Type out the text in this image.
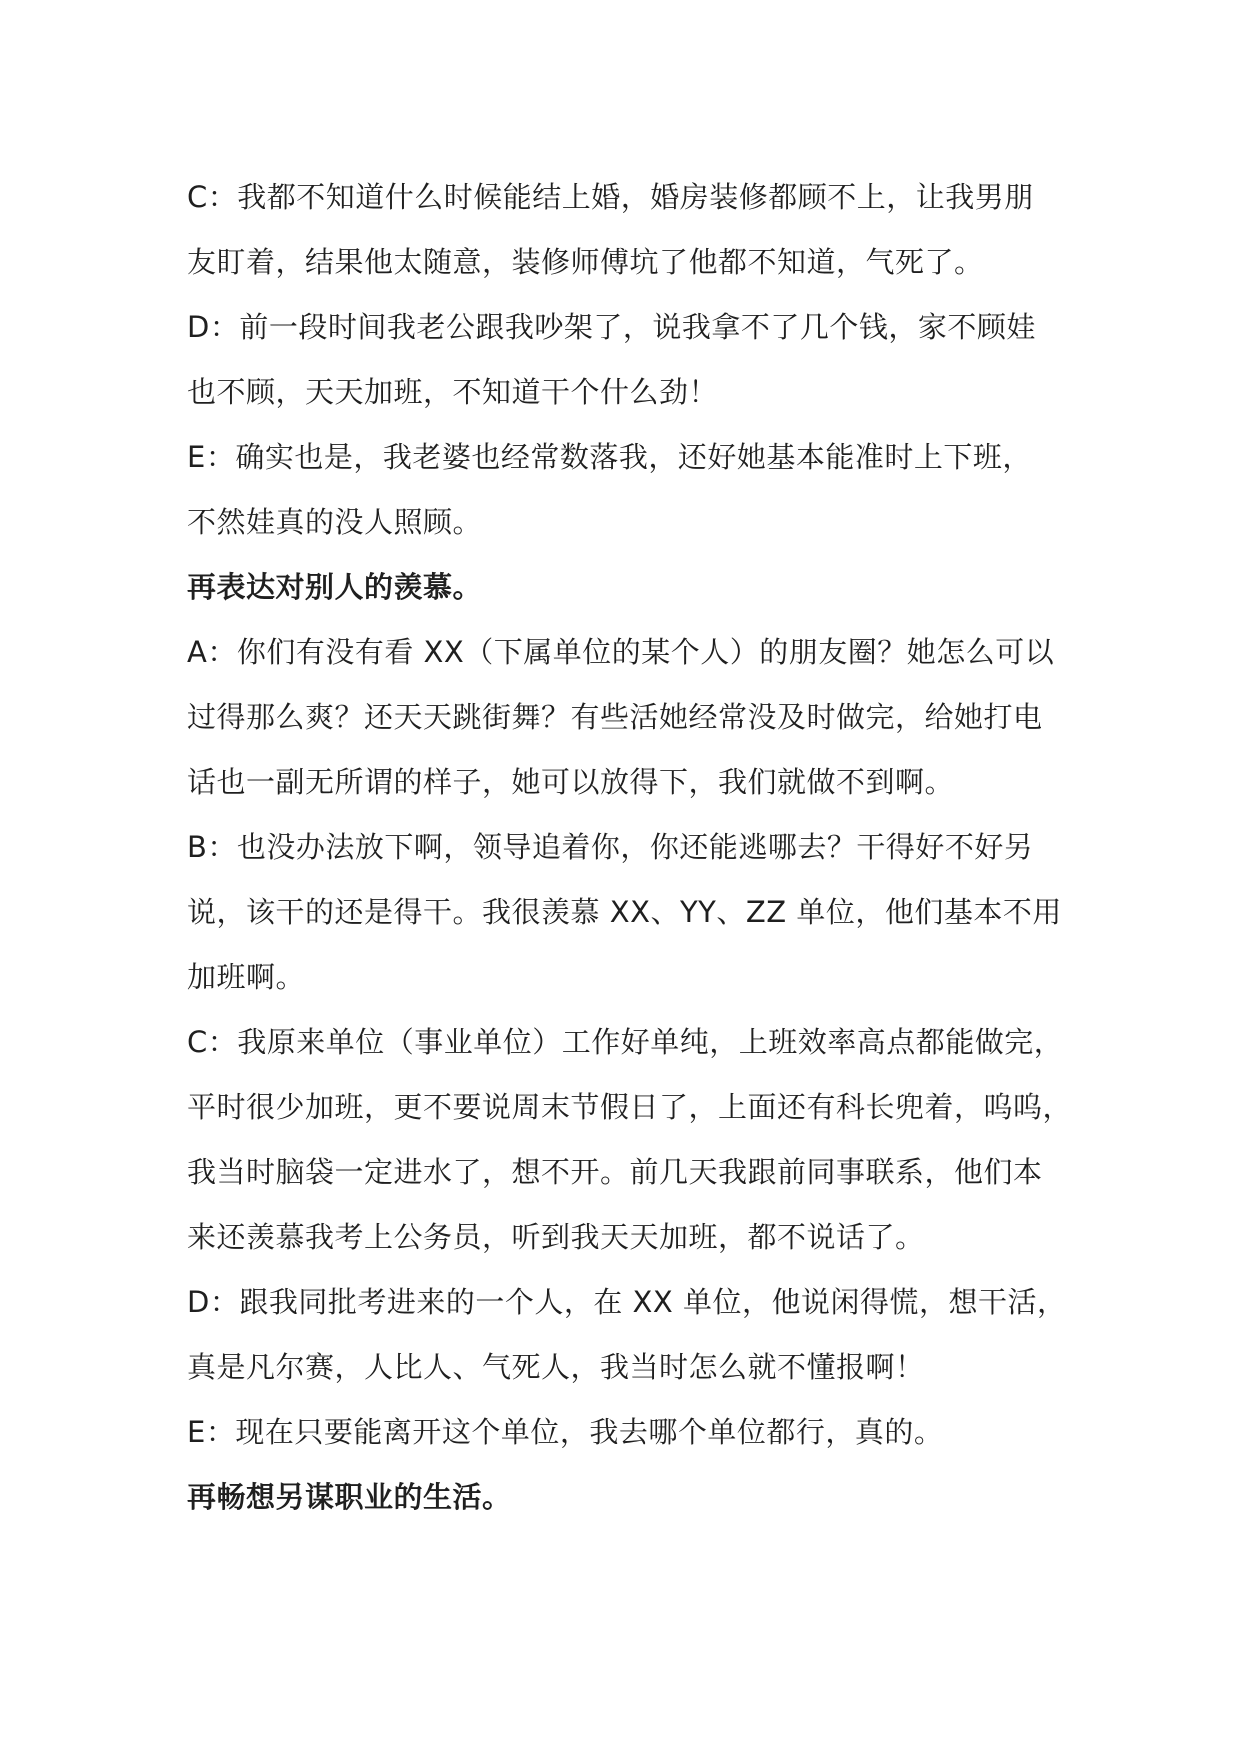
C：我都不知道什么时候能结上婚，婚房装修都顾不上，让我男朋
友盯着，结果他太随意，装修师傅坑了他都不知道，气死了。
D：前一段时间我老公跟我吵架了，说我拿不了几个钱，家不顾娃
也不顾，天天加班，不知道干个什么劲！
E：确实也是，我老婆也经常数落我，还好她基本能准时上下班，
不然娃真的没人照顾。
再表达对别人的羡慕。
A：你们有没有看 XX（下属单位的某个人）的朋友圈？她怎么可以
过得那么爽？还天天跳街舞？有些活她经常没及时做完，给她打电
话也一副无所谓的样子，她可以放得下，我们就做不到啊。
B：也没办法放下啊，领导追着你，你还能逃哪去？干得好不好另
说，该干的还是得干。我很羡慕 XX、YY、ZZ 单位，他们基本不用
加班啊。
C：我原来单位（事业单位）工作好单纯，上班效率高点都能做完，
平时很少加班，更不要说周末节假日了，上面还有科长兜着，呜呜，
我当时脑袋一定进水了，想不开。前几天我跟前同事联系，他们本
来还羡慕我考上公务员，听到我天天加班，都不说话了。
D：跟我同批考进来的一个人，在 XX 单位，他说闲得慌，想干活，
真是凡尔赛，人比人、气死人，我当时怎么就不懂报啊！
E：现在只要能离开这个单位，我去哪个单位都行，真的。
再畅想另谋职业的生活。
